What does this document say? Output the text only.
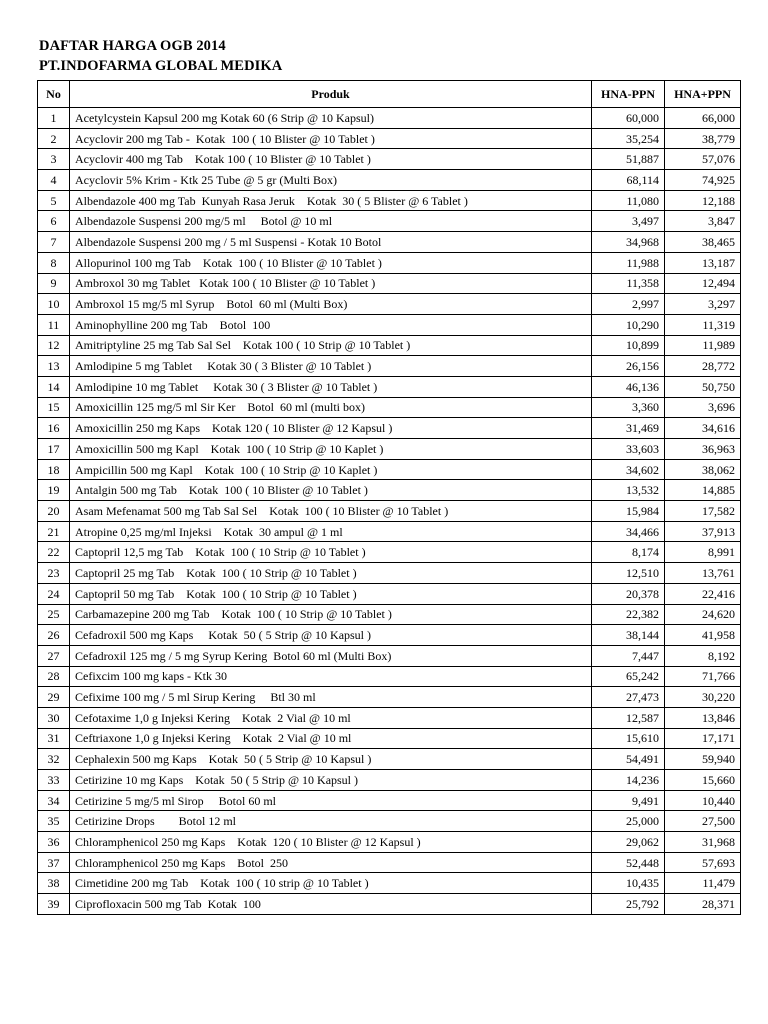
DAFTAR HARGA OGB 2014
PT.INDOFARMA GLOBAL MEDIKA
No	Produk	HNA-PPN	HNA+PPN
1	Acetylcystein Kapsul 200 mg Kotak 60 (6 Strip @ 10 Kapsul)	60,000	66,000
2	Acyclovir 200 mg Tab -  Kotak  100 ( 10 Blister @ 10 Tablet )	35,254	38,779
3	Acyclovir 400 mg Tab    Kotak 100 ( 10 Blister @ 10 Tablet )	51,887	57,076
4	Acyclovir 5% Krim - Ktk 25 Tube @ 5 gr (Multi Box)	68,114	74,925
5	Albendazole 400 mg Tab  Kunyah Rasa Jeruk    Kotak  30 ( 5 Blister @ 6 Tablet )	11,080	12,188
6	Albendazole Suspensi 200 mg/5 ml     Botol @ 10 ml	3,497	3,847
7	Albendazole Suspensi 200 mg / 5 ml Suspensi - Kotak 10 Botol	34,968	38,465
8	Allopurinol 100 mg Tab    Kotak  100 ( 10 Blister @ 10 Tablet )	11,988	13,187
9	Ambroxol 30 mg Tablet   Kotak 100 ( 10 Blister @ 10 Tablet )	11,358	12,494
10	Ambroxol 15 mg/5 ml Syrup    Botol  60 ml (Multi Box)	2,997	3,297
11	Aminophylline 200 mg Tab    Botol  100	10,290	11,319
12	Amitriptyline 25 mg Tab Sal Sel    Kotak 100 ( 10 Strip @ 10 Tablet )	10,899	11,989
13	Amlodipine 5 mg Tablet     Kotak 30 ( 3 Blister @ 10 Tablet )	26,156	28,772
14	Amlodipine 10 mg Tablet     Kotak 30 ( 3 Blister @ 10 Tablet )	46,136	50,750
15	Amoxicillin 125 mg/5 ml Sir Ker    Botol  60 ml (multi box)	3,360	3,696
16	Amoxicillin 250 mg Kaps    Kotak 120 ( 10 Blister @ 12 Kapsul )	31,469	34,616
17	Amoxicillin 500 mg Kapl    Kotak  100 ( 10 Strip @ 10 Kaplet )	33,603	36,963
18	Ampicillin 500 mg Kapl    Kotak  100 ( 10 Strip @ 10 Kaplet )	34,602	38,062
19	Antalgin 500 mg Tab    Kotak  100 ( 10 Blister @ 10 Tablet )	13,532	14,885
20	Asam Mefenamat 500 mg Tab Sal Sel    Kotak  100 ( 10 Blister @ 10 Tablet )	15,984	17,582
21	Atropine 0,25 mg/ml Injeksi    Kotak  30 ampul @ 1 ml	34,466	37,913
22	Captopril 12,5 mg Tab    Kotak  100 ( 10 Strip @ 10 Tablet )	8,174	8,991
23	Captopril 25 mg Tab    Kotak  100 ( 10 Strip @ 10 Tablet )	12,510	13,761
24	Captopril 50 mg Tab    Kotak  100 ( 10 Strip @ 10 Tablet )	20,378	22,416
25	Carbamazepine 200 mg Tab    Kotak  100 ( 10 Strip @ 10 Tablet )	22,382	24,620
26	Cefadroxil 500 mg Kaps     Kotak  50 ( 5 Strip @ 10 Kapsul )	38,144	41,958
27	Cefadroxil 125 mg / 5 mg Syrup Kering  Botol 60 ml (Multi Box)	7,447	8,192
28	Cefixcim 100 mg kaps - Ktk 30	65,242	71,766
29	Cefixime 100 mg / 5 ml Sirup Kering     Btl 30 ml	27,473	30,220
30	Cefotaxime 1,0 g Injeksi Kering    Kotak  2 Vial @ 10 ml	12,587	13,846
31	Ceftriaxone 1,0 g Injeksi Kering    Kotak  2 Vial @ 10 ml	15,610	17,171
32	Cephalexin 500 mg Kaps    Kotak  50 ( 5 Strip @ 10 Kapsul )	54,491	59,940
33	Cetirizine 10 mg Kaps    Kotak  50 ( 5 Strip @ 10 Kapsul )	14,236	15,660
34	Cetirizine 5 mg/5 ml Sirop     Botol 60 ml	9,491	10,440
35	Cetirizine Drops        Botol 12 ml	25,000	27,500
36	Chloramphenicol 250 mg Kaps    Kotak  120 ( 10 Blister @ 12 Kapsul )	29,062	31,968
37	Chloramphenicol 250 mg Kaps    Botol  250	52,448	57,693
38	Cimetidine 200 mg Tab    Kotak  100 ( 10 strip @ 10 Tablet )	10,435	11,479
39	Ciprofloxacin 500 mg Tab  Kotak  100	25,792	28,371
